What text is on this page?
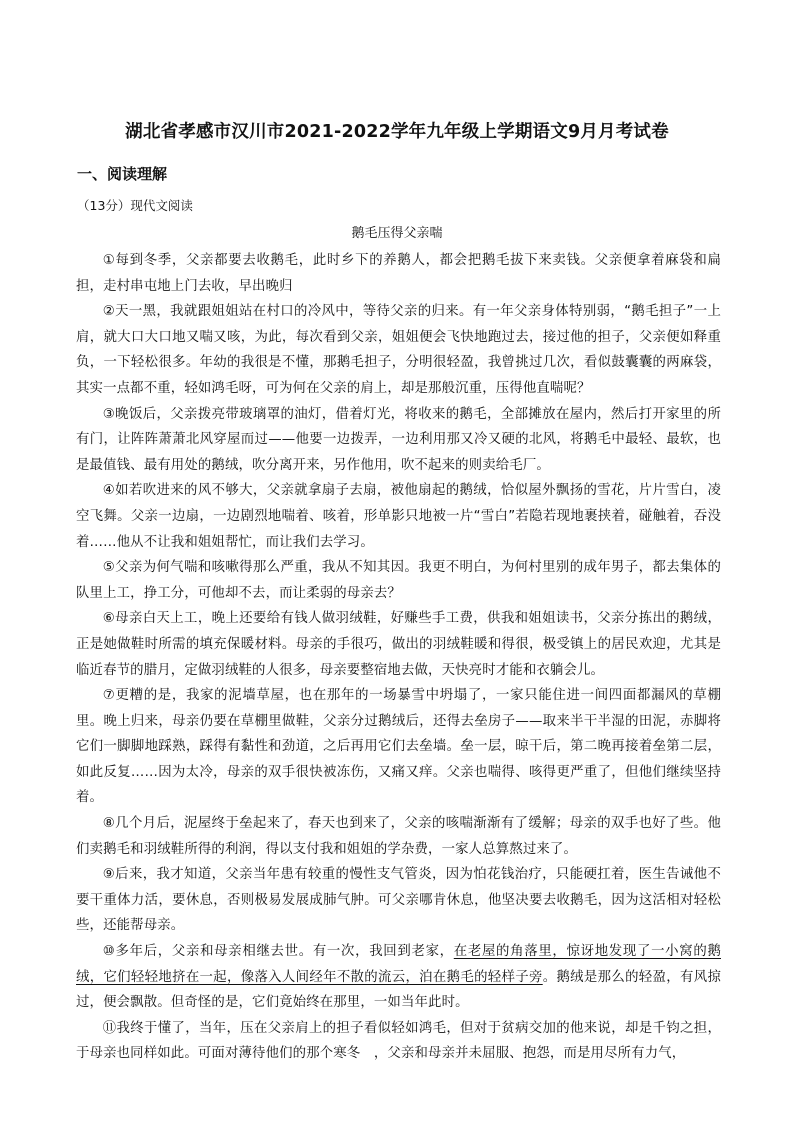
湖北省孝感市汉川市2021-2022学年九年级上学期语文9月月考试卷
一、阅读理解
（13分）现代文阅读
鹅毛压得父亲喘

①每到冬季，父亲都要去收鹅毛，此时乡下的养鹅人，都会把鹅毛拔下来卖钱。父亲便拿着麻袋和扁担，走村串屯地上门去收，早出晚归

②天一黑，我就跟姐姐站在村口的冷风中，等待父亲的归来。有一年父亲身体特别弱，“鹅毛担子”一上肩，就大口大口地又喘又咳，为此，每次看到父亲，姐姐便会飞快地跑过去，接过他的担子，父亲便如释重负，一下轻松很多。年幼的我很是不懂，那鹅毛担子，分明很轻盈，我曾挑过几次，看似鼓囊囊的两麻袋，其实一点都不重，轻如鸿毛呀，可为何在父亲的肩上，却是那般沉重，压得他直喘呢？

③晚饭后，父亲拨亮带玻璃罩的油灯，借着灯光，将收来的鹅毛，全部摊放在屋内，然后打开家里的所有门，让阵阵萧萧北风穿屋而过——他要一边拨弄，一边利用那又冷又硬的北风，将鹅毛中最轻、最软，也是最值钱、最有用处的鹅绒，吹分离开来，另作他用，吹不起来的则卖给毛厂。

④如若吹进来的风不够大，父亲就拿扇子去扇，被他扇起的鹅绒，恰似屋外飘扬的雪花，片片雪白，凌空飞舞。父亲一边扇，一边剧烈地喘着、咳着，形单影只地被一片“雪白”若隐若现地裹挟着，碰触着，吞没着……他从不让我和姐姐帮忙，而让我们去学习。

⑤父亲为何气喘和咳嗽得那么严重，我从不知其因。我更不明白，为何村里别的成年男子，都去集体的队里上工，挣工分，可他却不去，而让柔弱的母亲去？

⑥母亲白天上工，晚上还要给有钱人做羽绒鞋，好赚些手工费，供我和姐姐读书，父亲分拣出的鹅绒，正是她做鞋时所需的填充保暖材料。母亲的手很巧，做出的羽绒鞋暖和得很，极受镇上的居民欢迎，尤其是临近春节的腊月，定做羽绒鞋的人很多，母亲要整宿地去做，天快亮时才能和衣躺会儿。

⑦更糟的是，我家的泥墙草屋，也在那年的一场暴雪中坍塌了，一家只能住进一间四面都漏风的草棚里。晚上归来，母亲仍要在草棚里做鞋，父亲分过鹅绒后，还得去垒房子——取来半干半湿的田泥，赤脚将它们一脚脚地踩熟，踩得有黏性和劲道，之后再用它们去垒墙。垒一层，晾干后，第二晚再接着垒第二层，如此反复……因为太冷，母亲的双手很快被冻伤，又痛又痒。父亲也喘得、咳得更严重了，但他们继续坚持着。

⑧几个月后，泥屋终于垒起来了，春天也到来了，父亲的咳喘渐渐有了缓解；母亲的双手也好了些。他们卖鹅毛和羽绒鞋所得的利润，得以支付我和姐姐的学杂费，一家人总算熬过来了。

⑨后来，我才知道，父亲当年患有较重的慢性支气管炎，因为怕花钱治疗，只能硬扛着，医生告诫他不要干重体力活，要休息，否则极易发展成肺气肿。可父亲哪肯休息，他坚决要去收鹅毛，因为这活相对轻松些，还能帮母亲。

⑩多年后，父亲和母亲相继去世。有一次，我回到老家，在老屋的角落里，惊讶地发现了一小窝的鹅绒，它们轻轻地挤在一起，像落入人间经年不散的流云，泊在鹅毛的轻样子旁。鹅绒是那么的轻盈，有风掠过，便会飘散。但奇怪的是，它们竟始终在那里，一如当年此时。

⑪我终于懂了，当年，压在父亲肩上的担子看似轻如鸿毛，但对于贫病交加的他来说，却是千钧之担，于母亲也同样如此。可面对薄待他们的那个寒冬　，父亲和母亲并未屈服、抱怨，而是用尽所有力气，
